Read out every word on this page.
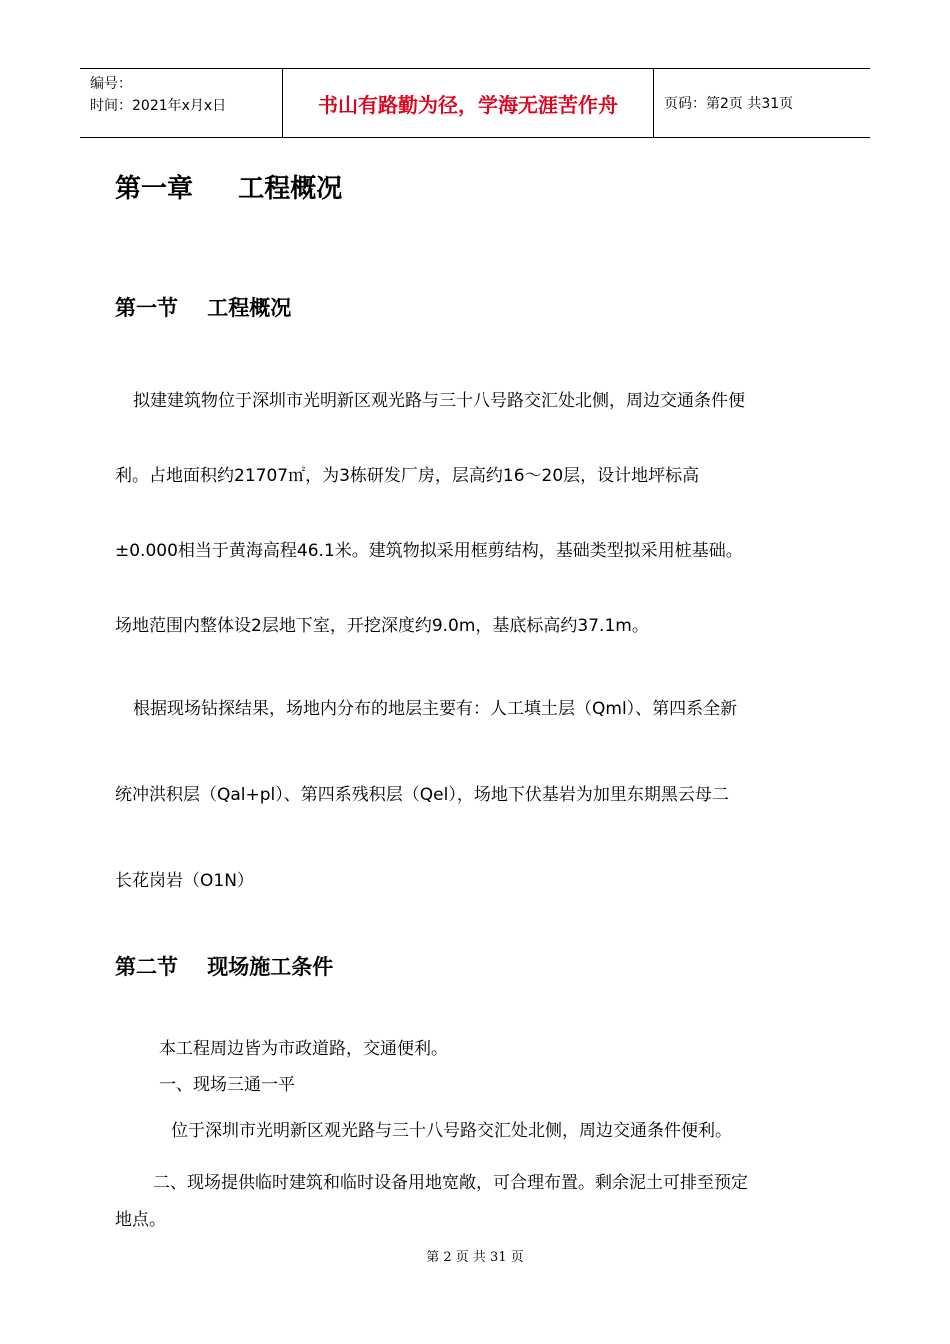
编号：
时间：2021年x月x日	书山有路勤为径，学海无涯苦作舟	页码：第2页 共31页
第一章     工程概况
第一节    工程概况
拟建建筑物位于深圳市光明新区观光路与三十八号路交汇处北侧，周边交通条件便
利。占地面积约21707㎡，为3栋研发厂房，层高约16～20层，设计地坪标高
±0.000相当于黄海高程46.1米。建筑物拟采用框剪结构，基础类型拟采用桩基础。
场地范围内整体设2层地下室，开挖深度约9.0m，基底标高约37.1m。
根据现场钻探结果，场地内分布的地层主要有：人工填土层（Qml）、第四系全新
统冲洪积层（Qal+pl）、第四系残积层（Qel），场地下伏基岩为加里东期黑云母二
长花岗岩（O1N）
第二节    现场施工条件
本工程周边皆为市政道路，交通便利。
一、现场三通一平
位于深圳市光明新区观光路与三十八号路交汇处北侧，周边交通条件便利。
二、现场提供临时建筑和临时设备用地宽敞，可合理布置。剩余泥土可排至预定
地点。
第 2 页 共 31 页
